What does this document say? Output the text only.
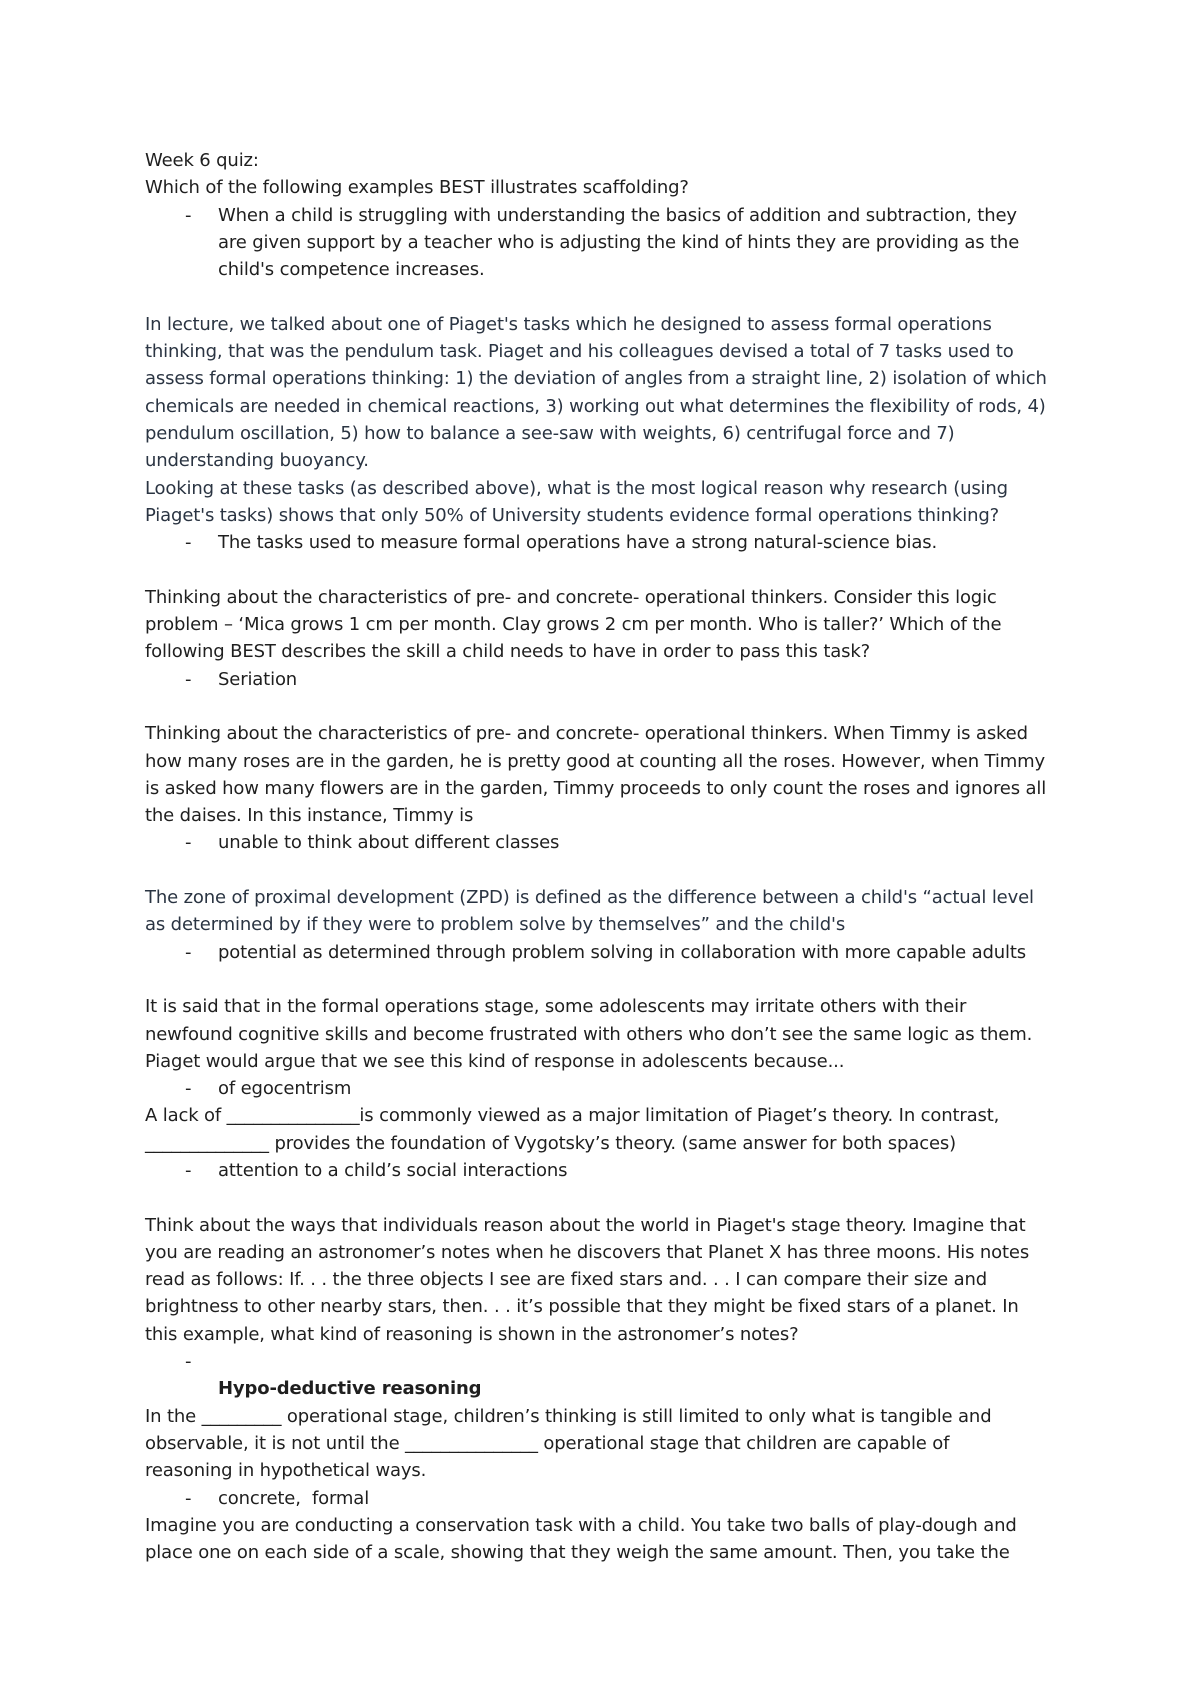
Week 6 quiz:
Which of the following examples BEST illustrates scaffolding?
- When a child is struggling with understanding the basics of addition and subtraction, they
are given support by a teacher who is adjusting the kind of hints they are providing as the
child's competence increases.
In lecture, we talked about one of Piaget's tasks which he designed to assess formal operations
thinking, that was the pendulum task. Piaget and his colleagues devised a total of 7 tasks used to
assess formal operations thinking: 1) the deviation of angles from a straight line, 2) isolation of which
chemicals are needed in chemical reactions, 3) working out what determines the flexibility of rods, 4)
pendulum oscillation, 5) how to balance a see-saw with weights, 6) centrifugal force and 7)
understanding buoyancy.
Looking at these tasks (as described above), what is the most logical reason why research (using
Piaget's tasks) shows that only 50% of University students evidence formal operations thinking?
- The tasks used to measure formal operations have a strong natural-science bias.
Thinking about the characteristics of pre- and concrete- operational thinkers. Consider this logic
problem – ‘Mica grows 1 cm per month. Clay grows 2 cm per month. Who is taller?’ Which of the
following BEST describes the skill a child needs to have in order to pass this task?
- Seriation
Thinking about the characteristics of pre- and concrete- operational thinkers. When Timmy is asked
how many roses are in the garden, he is pretty good at counting all the roses. However, when Timmy
is asked how many flowers are in the garden, Timmy proceeds to only count the roses and ignores all
the daises. In this instance, Timmy is
- unable to think about different classes
The zone of proximal development (ZPD) is defined as the difference between a child's “actual level
as determined by if they were to problem solve by themselves” and the child's
- potential as determined through problem solving in collaboration with more capable adults
It is said that in the formal operations stage, some adolescents may irritate others with their
newfound cognitive skills and become frustrated with others who don’t see the same logic as them.
Piaget would argue that we see this kind of response in adolescents because...
- of egocentrism
A lack of _______________is commonly viewed as a major limitation of Piaget’s theory. In contrast,
______________ provides the foundation of Vygotsky’s theory. (same answer for both spaces)
- attention to a child’s social interactions
Think about the ways that individuals reason about the world in Piaget's stage theory. Imagine that
you are reading an astronomer’s notes when he discovers that Planet X has three moons. His notes
read as follows: If. . . the three objects I see are fixed stars and. . . I can compare their size and
brightness to other nearby stars, then. . . it’s possible that they might be fixed stars of a planet. In
this example, what kind of reasoning is shown in the astronomer’s notes?
-

Hypo-deductive reasoning
In the _________ operational stage, children’s thinking is still limited to only what is tangible and
observable, it is not until the _______________ operational stage that children are capable of
reasoning in hypothetical ways.
- concrete,  formal
Imagine you are conducting a conservation task with a child. You take two balls of play-dough and
place one on each side of a scale, showing that they weigh the same amount. Then, you take the
